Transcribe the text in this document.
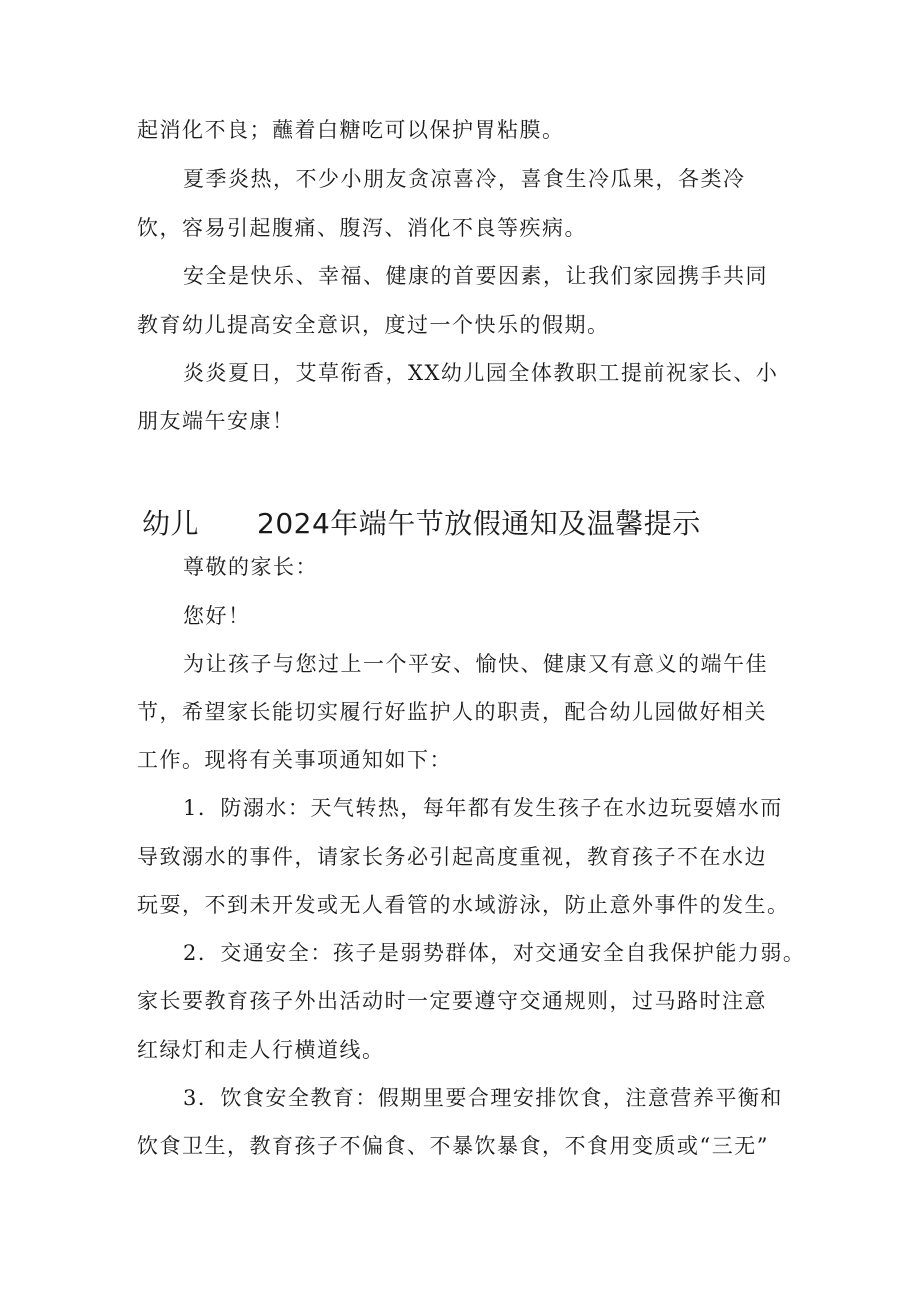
起消化不良；蘸着白糖吃可以保护胃粘膜。
夏季炎热，不少小朋友贪凉喜冷，喜食生冷瓜果，各类冷
饮，容易引起腹痛、腹泻、消化不良等疾病。
安全是快乐、幸福、健康的首要因素，让我们家园携手共同
教育幼儿提高安全意识，度过一个快乐的假期。
炎炎夏日，艾草衔香，XX幼儿园全体教职工提前祝家长、小
朋友端午安康！
幼儿 2024年端午节放假通知及温馨提示
尊敬的家长：
您好！
为让孩子与您过上一个平安、愉快、健康又有意义的端午佳
节，希望家长能切实履行好监护人的职责，配合幼儿园做好相关
工作。现将有关事项通知如下：
1．防溺水：天气转热，每年都有发生孩子在水边玩耍嬉水而
导致溺水的事件，请家长务必引起高度重视，教育孩子不在水边
玩耍，不到未开发或无人看管的水域游泳，防止意外事件的发生。
2．交通安全：孩子是弱势群体，对交通安全自我保护能力弱。
家长要教育孩子外出活动时一定要遵守交通规则，过马路时注意
红绿灯和走人行横道线。
3．饮食安全教育：假期里要合理安排饮食，注意营养平衡和
饮食卫生，教育孩子不偏食、不暴饮暴食，不食用变质或“三无”
